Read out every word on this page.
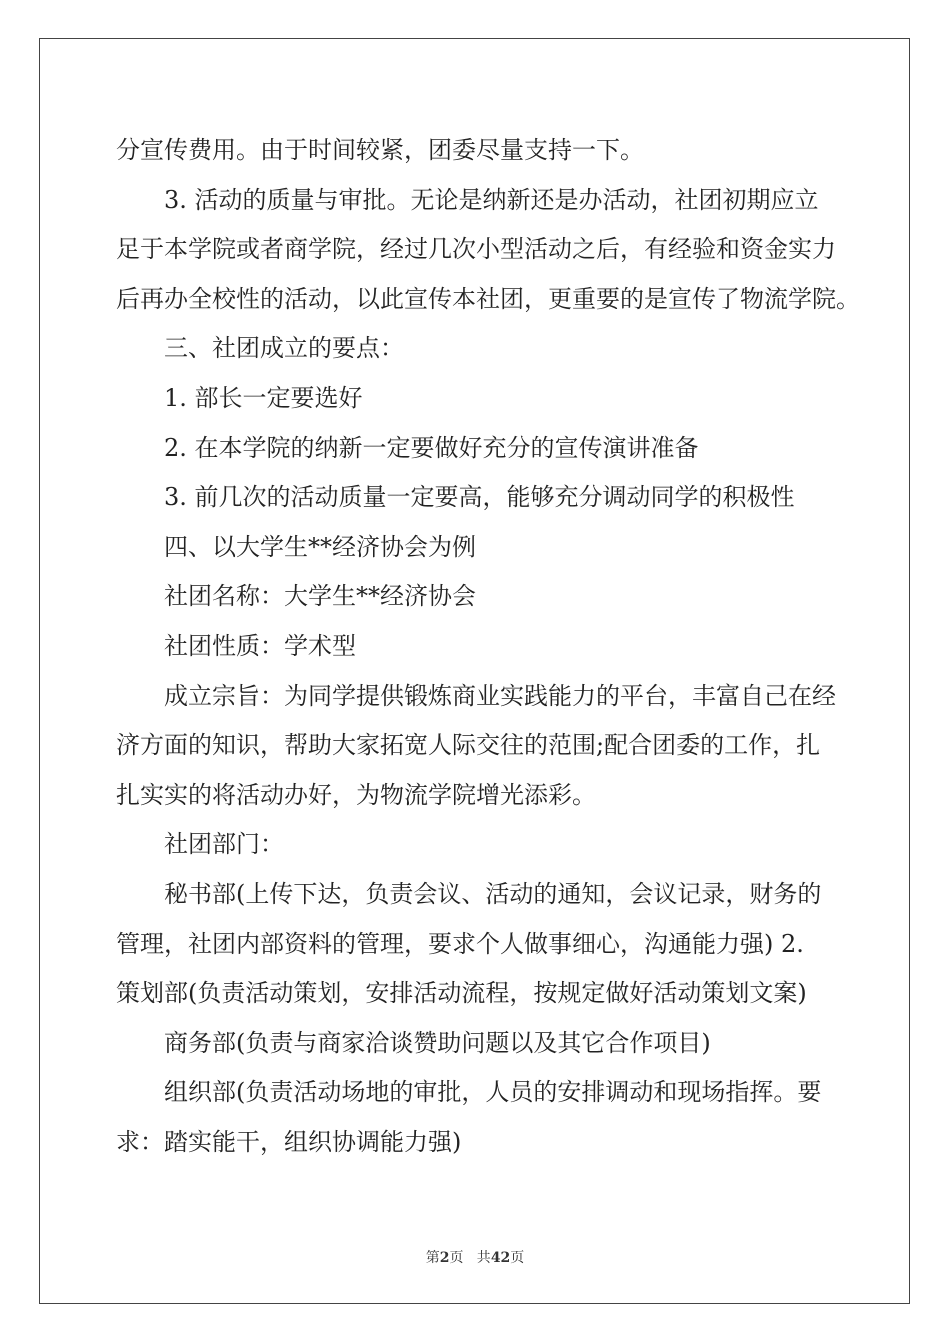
分宣传费用。由于时间较紧，团委尽量支持一下。

3. 活动的质量与审批。无论是纳新还是办活动，社团初期应立

足于本学院或者商学院，经过几次小型活动之后，有经验和资金实力

后再办全校性的活动，以此宣传本社团，更重要的是宣传了物流学院。

三、社团成立的要点：

1. 部长一定要选好

2. 在本学院的纳新一定要做好充分的宣传演讲准备

3. 前几次的活动质量一定要高，能够充分调动同学的积极性

四、以大学生**经济协会为例

社团名称：大学生**经济协会

社团性质：学术型

成立宗旨：为同学提供锻炼商业实践能力的平台，丰富自己在经

济方面的知识，帮助大家拓宽人际交往的范围;配合团委的工作，扎

扎实实的将活动办好，为物流学院增光添彩。

社团部门：

秘书部(上传下达，负责会议、活动的通知，会议记录，财务的

管理，社团内部资料的管理，要求个人做事细心，沟通能力强) 2.

策划部(负责活动策划，安排活动流程，按规定做好活动策划文案)

商务部(负责与商家洽谈赞助问题以及其它合作项目)

组织部(负责活动场地的审批，人员的安排调动和现场指挥。要

求：踏实能干，组织协调能力强)

第2页   共42页
